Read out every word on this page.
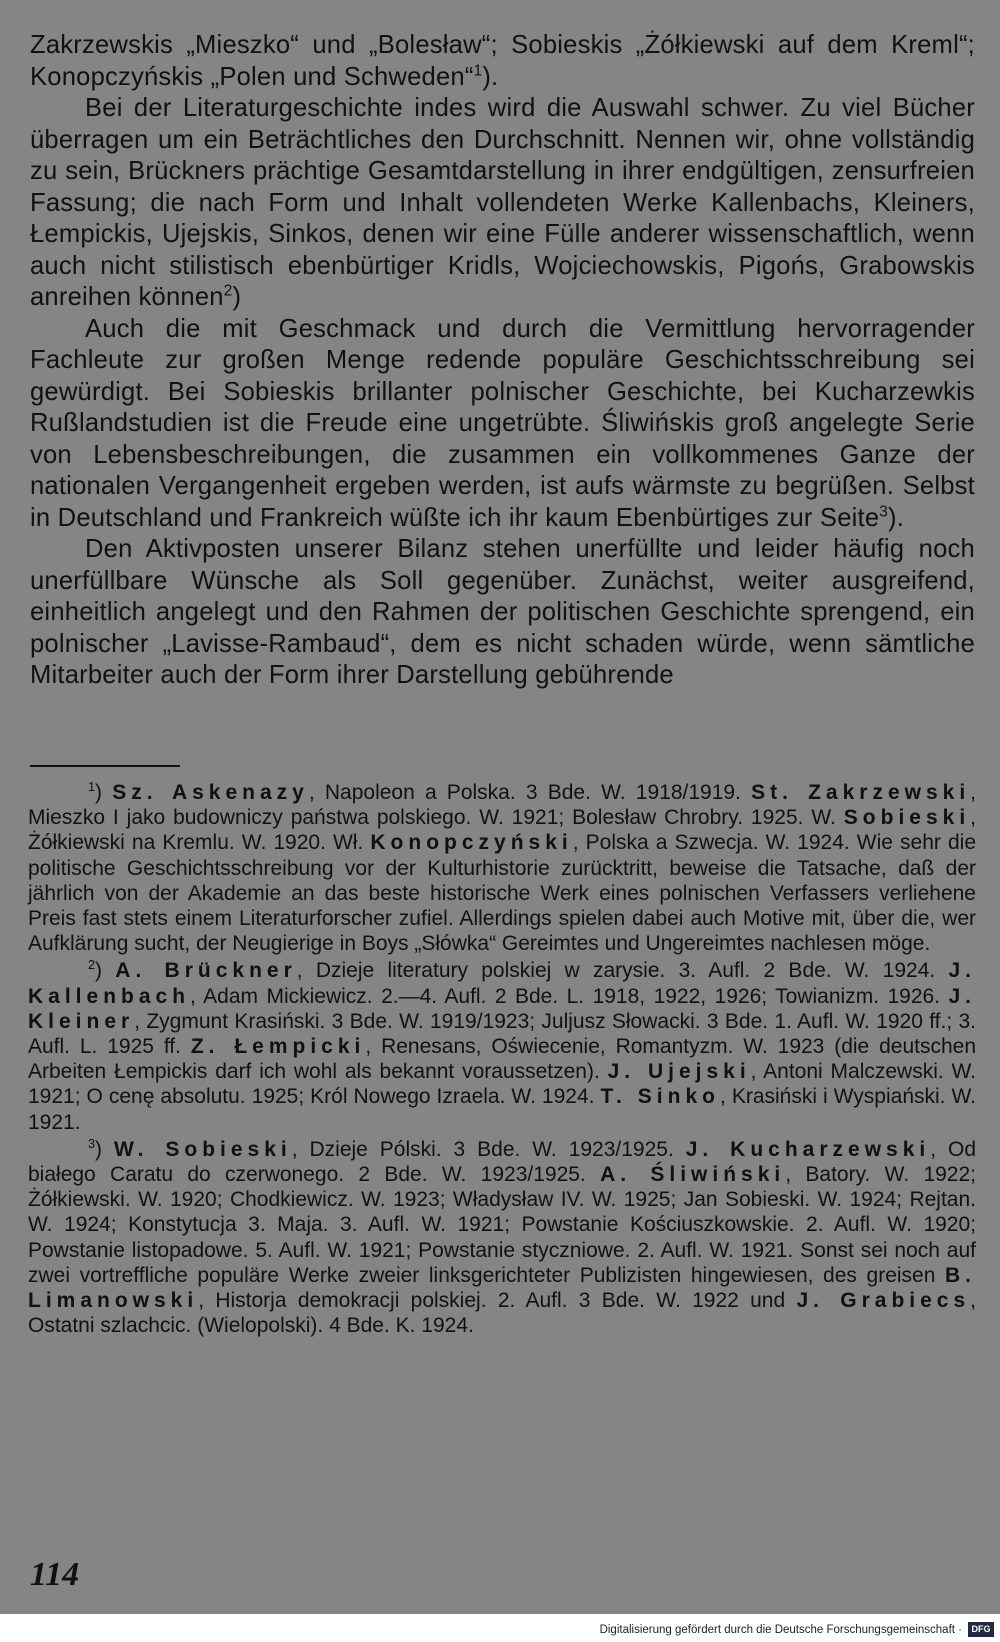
Zakrzewskis „Mieszko“ und „Bolesław“; Sobieskis „Żółkiewski auf dem Kreml“; Konopczyńskis „Polen und Schweden“$^1$).

Bei der Literaturgeschichte indes wird die Auswahl schwer. Zu viel Bücher überragen um ein Beträchtliches den Durchschnitt. Nennen wir, ohne vollständig zu sein, Brückners prächtige Gesamtdarstellung in ihrer endgültigen, zensurfreien Fassung; die nach Form und Inhalt vollendeten Werke Kallenbachs, Kleiners, Łempickis, Ujejskis, Sinkos, denen wir eine Fülle anderer wissenschaftlich, wenn auch nicht stilistisch ebenbürtiger Kridls, Wojciechowskis, Pigońs, Grabowskis anreihen können$^2$)

Auch die mit Geschmack und durch die Vermittlung hervorragender Fachleute zur großen Menge redende populäre Geschichtsschreibung sei gewürdigt. Bei Sobieskis brillanter polnischer Geschichte, bei Kucharzewkis Rußlandstudien ist die Freude eine ungetrübte. Śliwińskis groß angelegte Serie von Lebensbeschreibungen, die zusammen ein vollkommenes Ganze der nationalen Vergangenheit ergeben werden, ist aufs wärmste zu begrüßen. Selbst in Deutschland und Frankreich wüßte ich ihr kaum Ebenbürtiges zur Seite$^3$).

Den Aktivposten unserer Bilanz stehen unerfüllte und leider häufig noch unerfüllbare Wünsche als Soll gegenüber. Zunächst, weiter ausgreifend, einheitlich angelegt und den Rahmen der politischen Geschichte sprengend, ein polnischer „Lavisse-Rambaud“, dem es nicht schaden würde, wenn sämtliche Mitarbeiter auch der Form ihrer Darstellung gebührende

$^1$) Sz. Askenazy, Napoleon a Polska. 3 Bde. W. 1918/1919. St. Zakrzewski, Mieszko I jako budowniczy państwa polskiego. W. 1921; Bolesław Chrobry. 1925. W. Sobieski, Żółkiewski na Kremlu. W. 1920. Wł. Konopczyński, Polska a Szwecja. W. 1924. Wie sehr die politische Geschichtsschreibung vor der Kulturhistorie zurücktritt, beweise die Tatsache, daß der jährlich von der Akademie an das beste historische Werk eines polnischen Verfassers verliehene Preis fast stets einem Literaturforscher zufiel. Allerdings spielen dabei auch Motive mit, über die, wer Aufklärung sucht, der Neugierige in Boys „Słówka“ Gereimtes und Ungereimtes nachlesen möge.

$^2$) A. Brückner, Dzieje literatury polskiej w zarysie. 3. Aufl. 2 Bde. W. 1924. J. Kallenbach, Adam Mickiewicz. 2.—4. Aufl. 2 Bde. L. 1918, 1922, 1926; Towianizm. 1926. J. Kleiner, Zygmunt Krasiński. 3 Bde. W. 1919/1923; Juljusz Słowacki. 3 Bde. 1. Aufl. W. 1920 ff.; 3. Aufl. L. 1925 ff. Z. Łempicki, Renesans, Oświecenie, Romantyzm. W. 1923 (die deutschen Arbeiten Łempickis darf ich wohl als bekannt voraussetzen). J. Ujejski, Antoni Malczewski. W. 1921; O cenę absolutu. 1925; Król Nowego Izraela. W. 1924. T. Sinko, Krasiński i Wyspiański. W. 1921.

$^3$) W. Sobieski, Dzieje Pólski. 3 Bde. W. 1923/1925. J. Kucharzewski, Od białego Caratu do czerwonego. 2 Bde. W. 1923/1925. A. Śliwiński, Batory. W. 1922; Żółkiewski. W. 1920; Chodkiewicz. W. 1923; Władysław IV. W. 1925; Jan Sobieski. W. 1924; Rejtan. W. 1924; Konstytucja 3. Maja. 3. Aufl. W. 1921; Powstanie Kościuszkowskie. 2. Aufl. W. 1920; Powstanie listopadowe. 5. Aufl. W. 1921; Powstanie styczniowe. 2. Aufl. W. 1921. Sonst sei noch auf zwei vortreffliche populäre Werke zweier linksgerichteter Publizisten hingewiesen, des greisen B. Limanowski, Historja demokracji polskiej. 2. Aufl. 3 Bde. W. 1922 und J. Grabiecs, Ostatni szlachcic. (Wielopolski). 4 Bde. K. 1924.

114
Digitalisierung gefördert durch die Deutsche Forschungsgemeinschaft ·	DFG
